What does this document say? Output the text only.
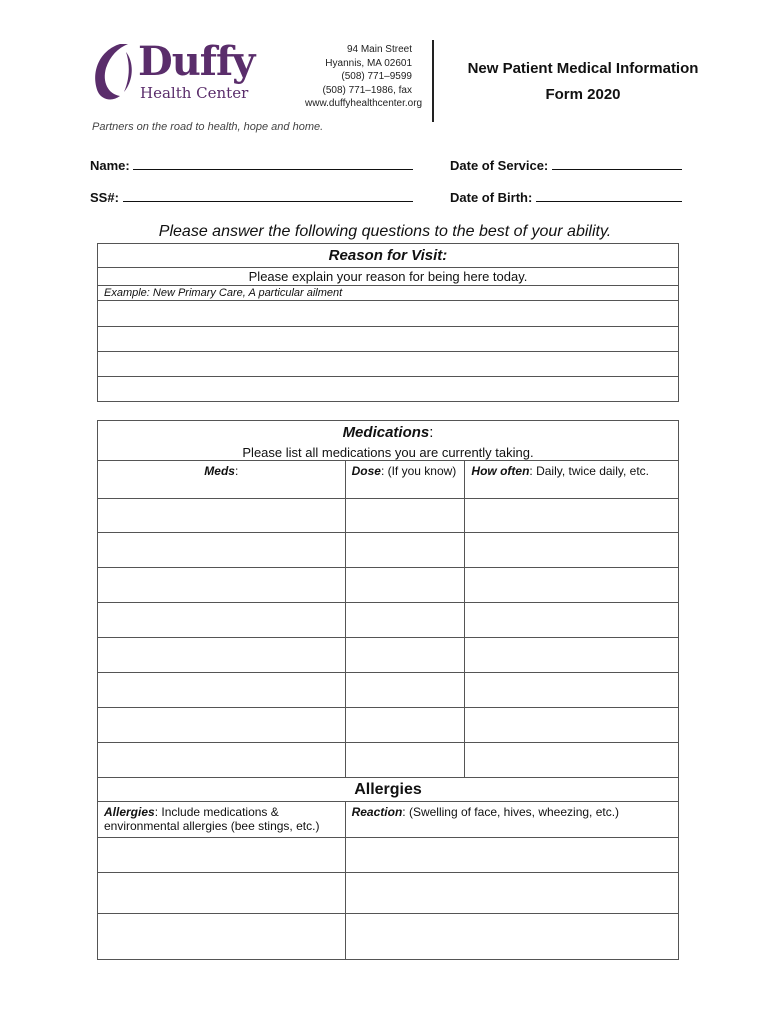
Duffy
Health Center
Partners on the road to health, hope and home.
94 Main Street
Hyannis, MA 02601
(508) 771–9599
(508) 771–1986, fax
www.duffyhealthcenter.org
New Patient Medical Information
Form 2020
Name:	Date of Service:
SS#:	Date of Birth:
Please answer the following questions to the best of your ability.
Reason for Visit:
Please explain your reason for being here today.
Example: New Primary Care, A particular ailment

Medications:		
Please list all medications you are currently taking.		
Meds:	Dose: (If you know)	How often: Daily, twice daily, etc.

Allergies		
Allergies: Include medications & environmental allergies (bee stings, etc.)	Reaction: (Swelling of face, hives, wheezing, etc.)	
